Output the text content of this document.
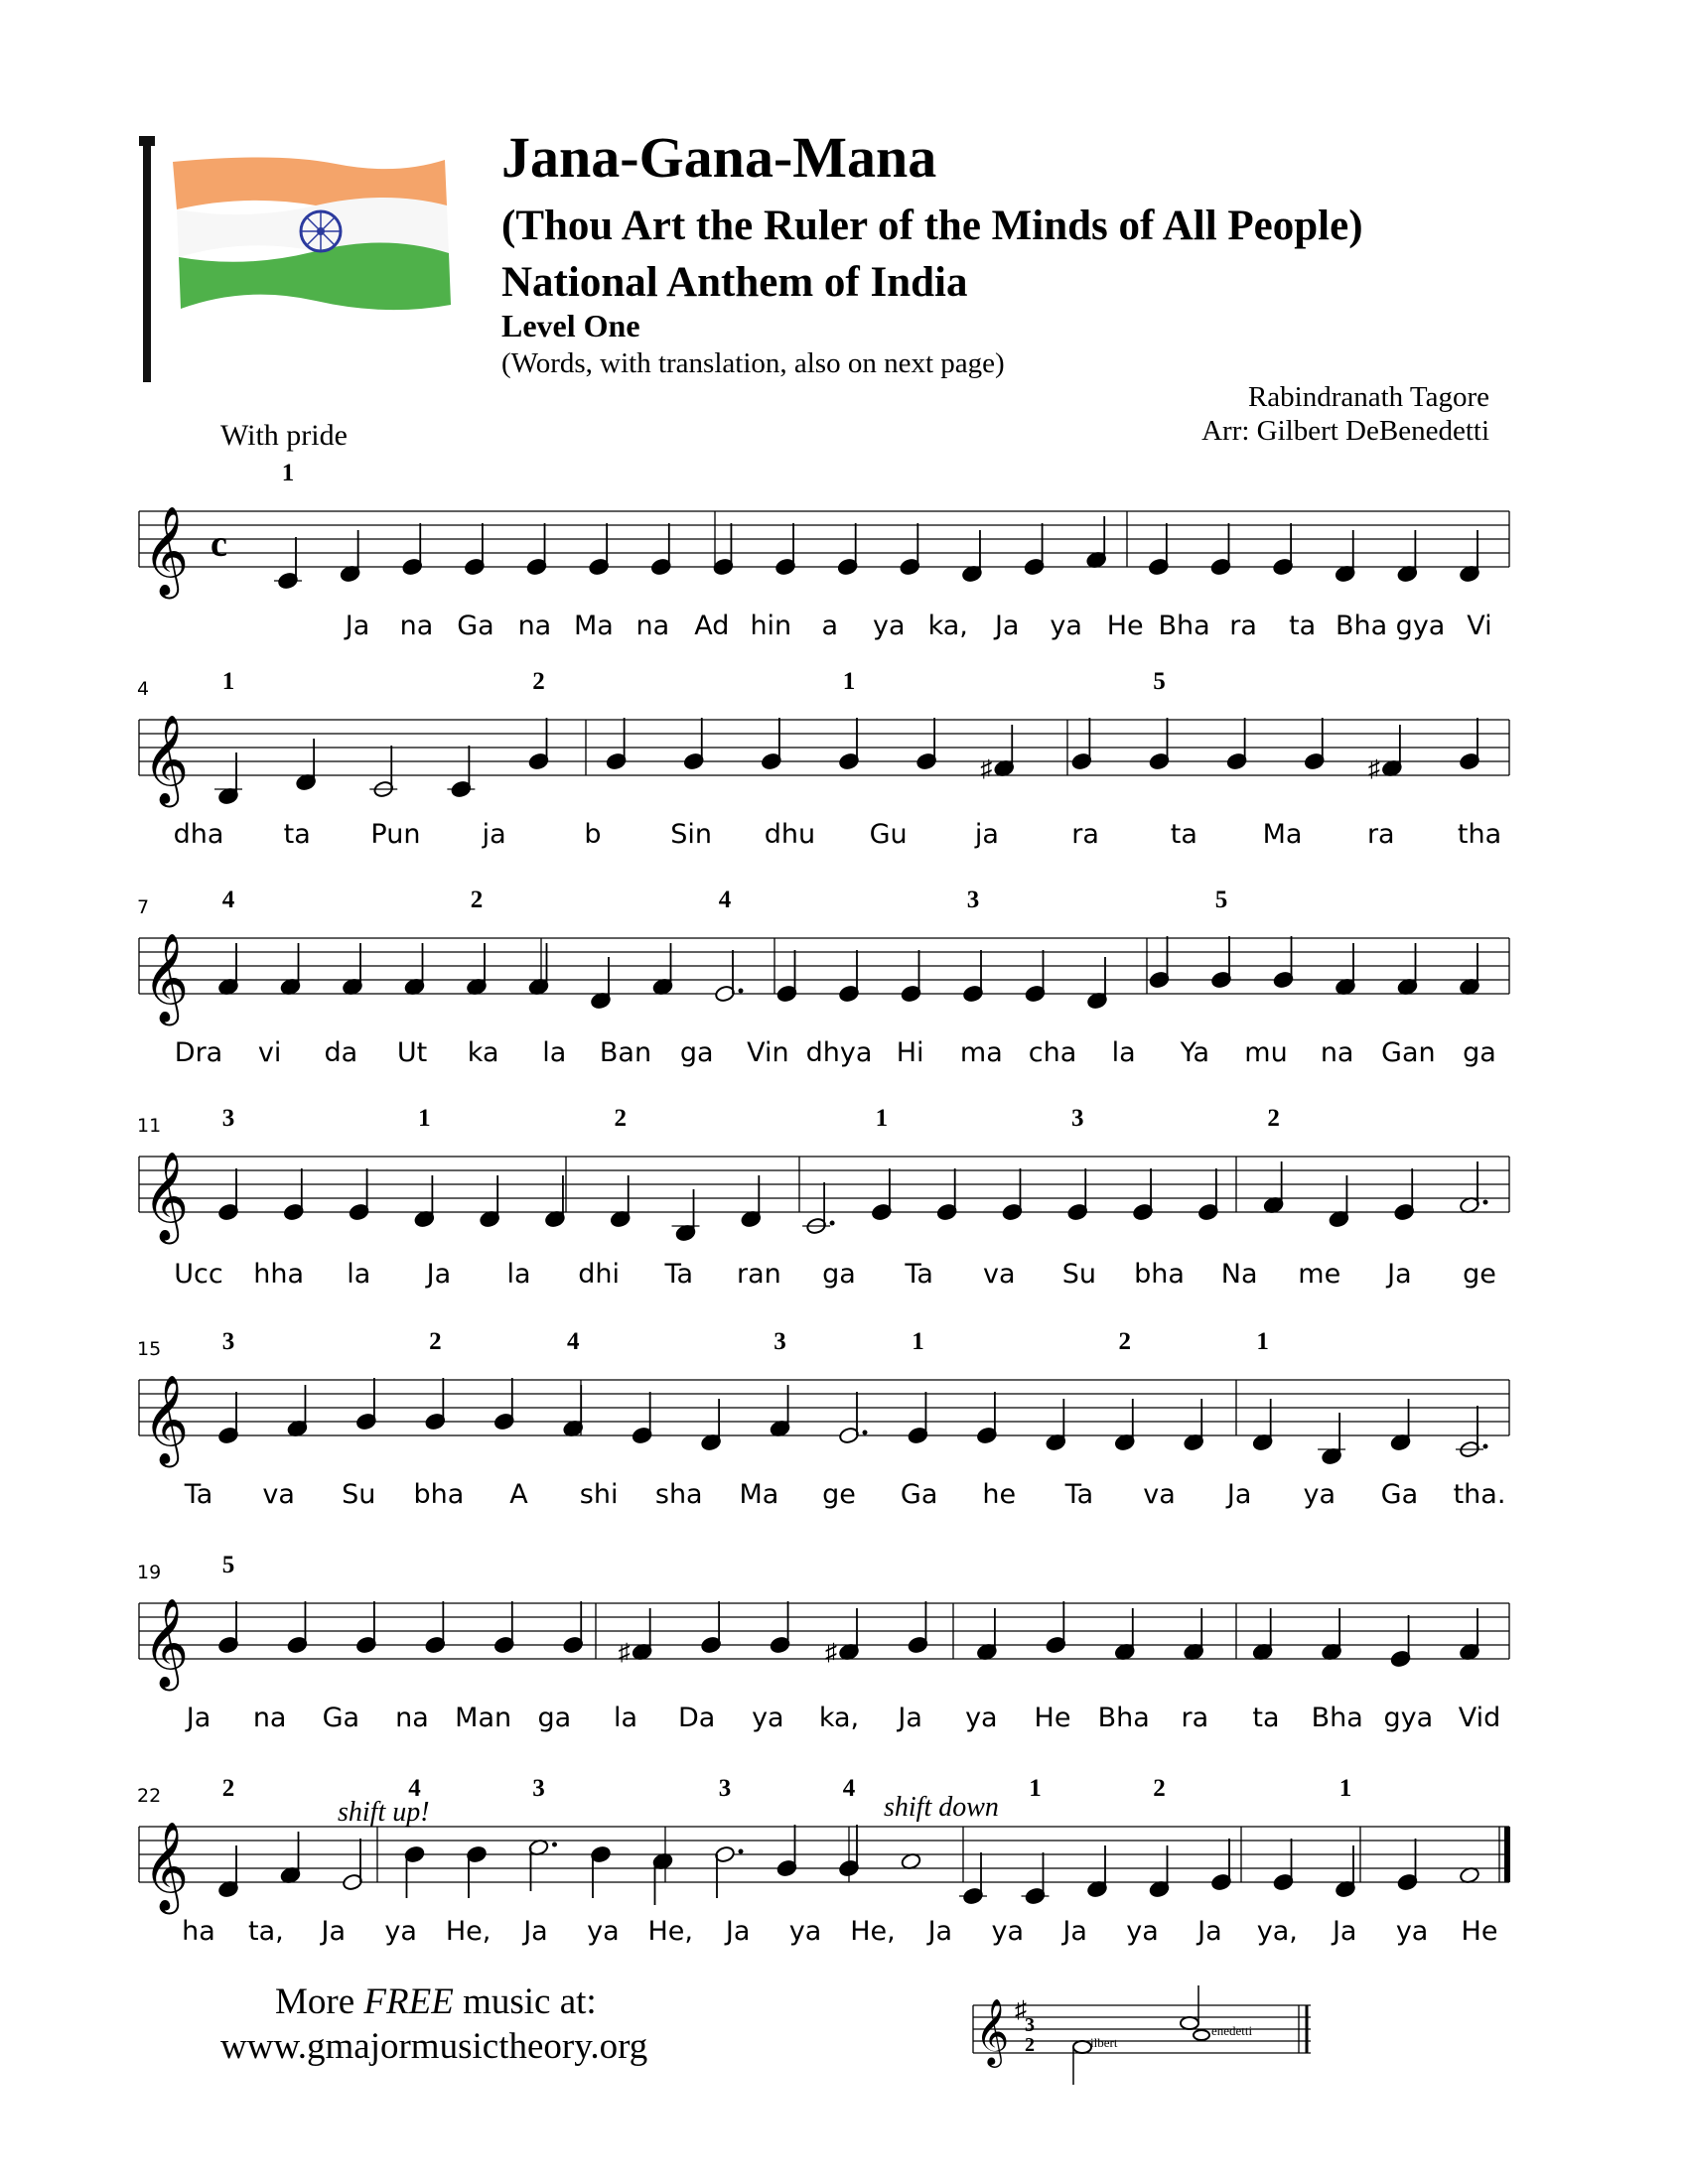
Jana-Gana-Mana
(Thou Art the Ruler of the Minds of All People)
National Anthem of India
Level One
(Words, with translation, also on next page)
Rabindranath Tagore
Arr: Gilbert DeBenedetti
With pride
𝄞 c
1
Ja na Ga na Ma na Ad hin a ya ka, Ja ya He Bha ra ta Bha gya Vi
𝄞	♯	♯
4	1	2	1	5
dha ta Pun ja	b	Sin dhu Gu	ja	ra	ta Ma ra tha
𝄞
7	4	2	4	3	5
Dra vi da Ut ka la Ban ga Vin dhya Hi ma cha la Ya mu na Gan ga
𝄞
11 3	1	2	1	3	2
Ucc hha la Ja la dhi Ta ran ga Ta va Su bha Na me Ja ge
𝄞
15 3	2	4	3	1	2	1
Ta va Su bha A shi sha Ma ge Ga he Ta va Ja ya Ga tha.
𝄞	♯	♯
19 5
Ja na Ga na Man ga la Da ya ka, Ja ya He Bha ra ta Bha gya Vid
𝄞
22 2	4	3	3	4	1	2	1
shift up!	shift down
ha ta, Ja ya He, Ja ya He, Ja ya He, Ja ya Ja ya Ja ya, Ja ya He
More FREE music at:
www.gmajormusictheory.org	𝄞 ♯
3
2	ilbert
enedetti
